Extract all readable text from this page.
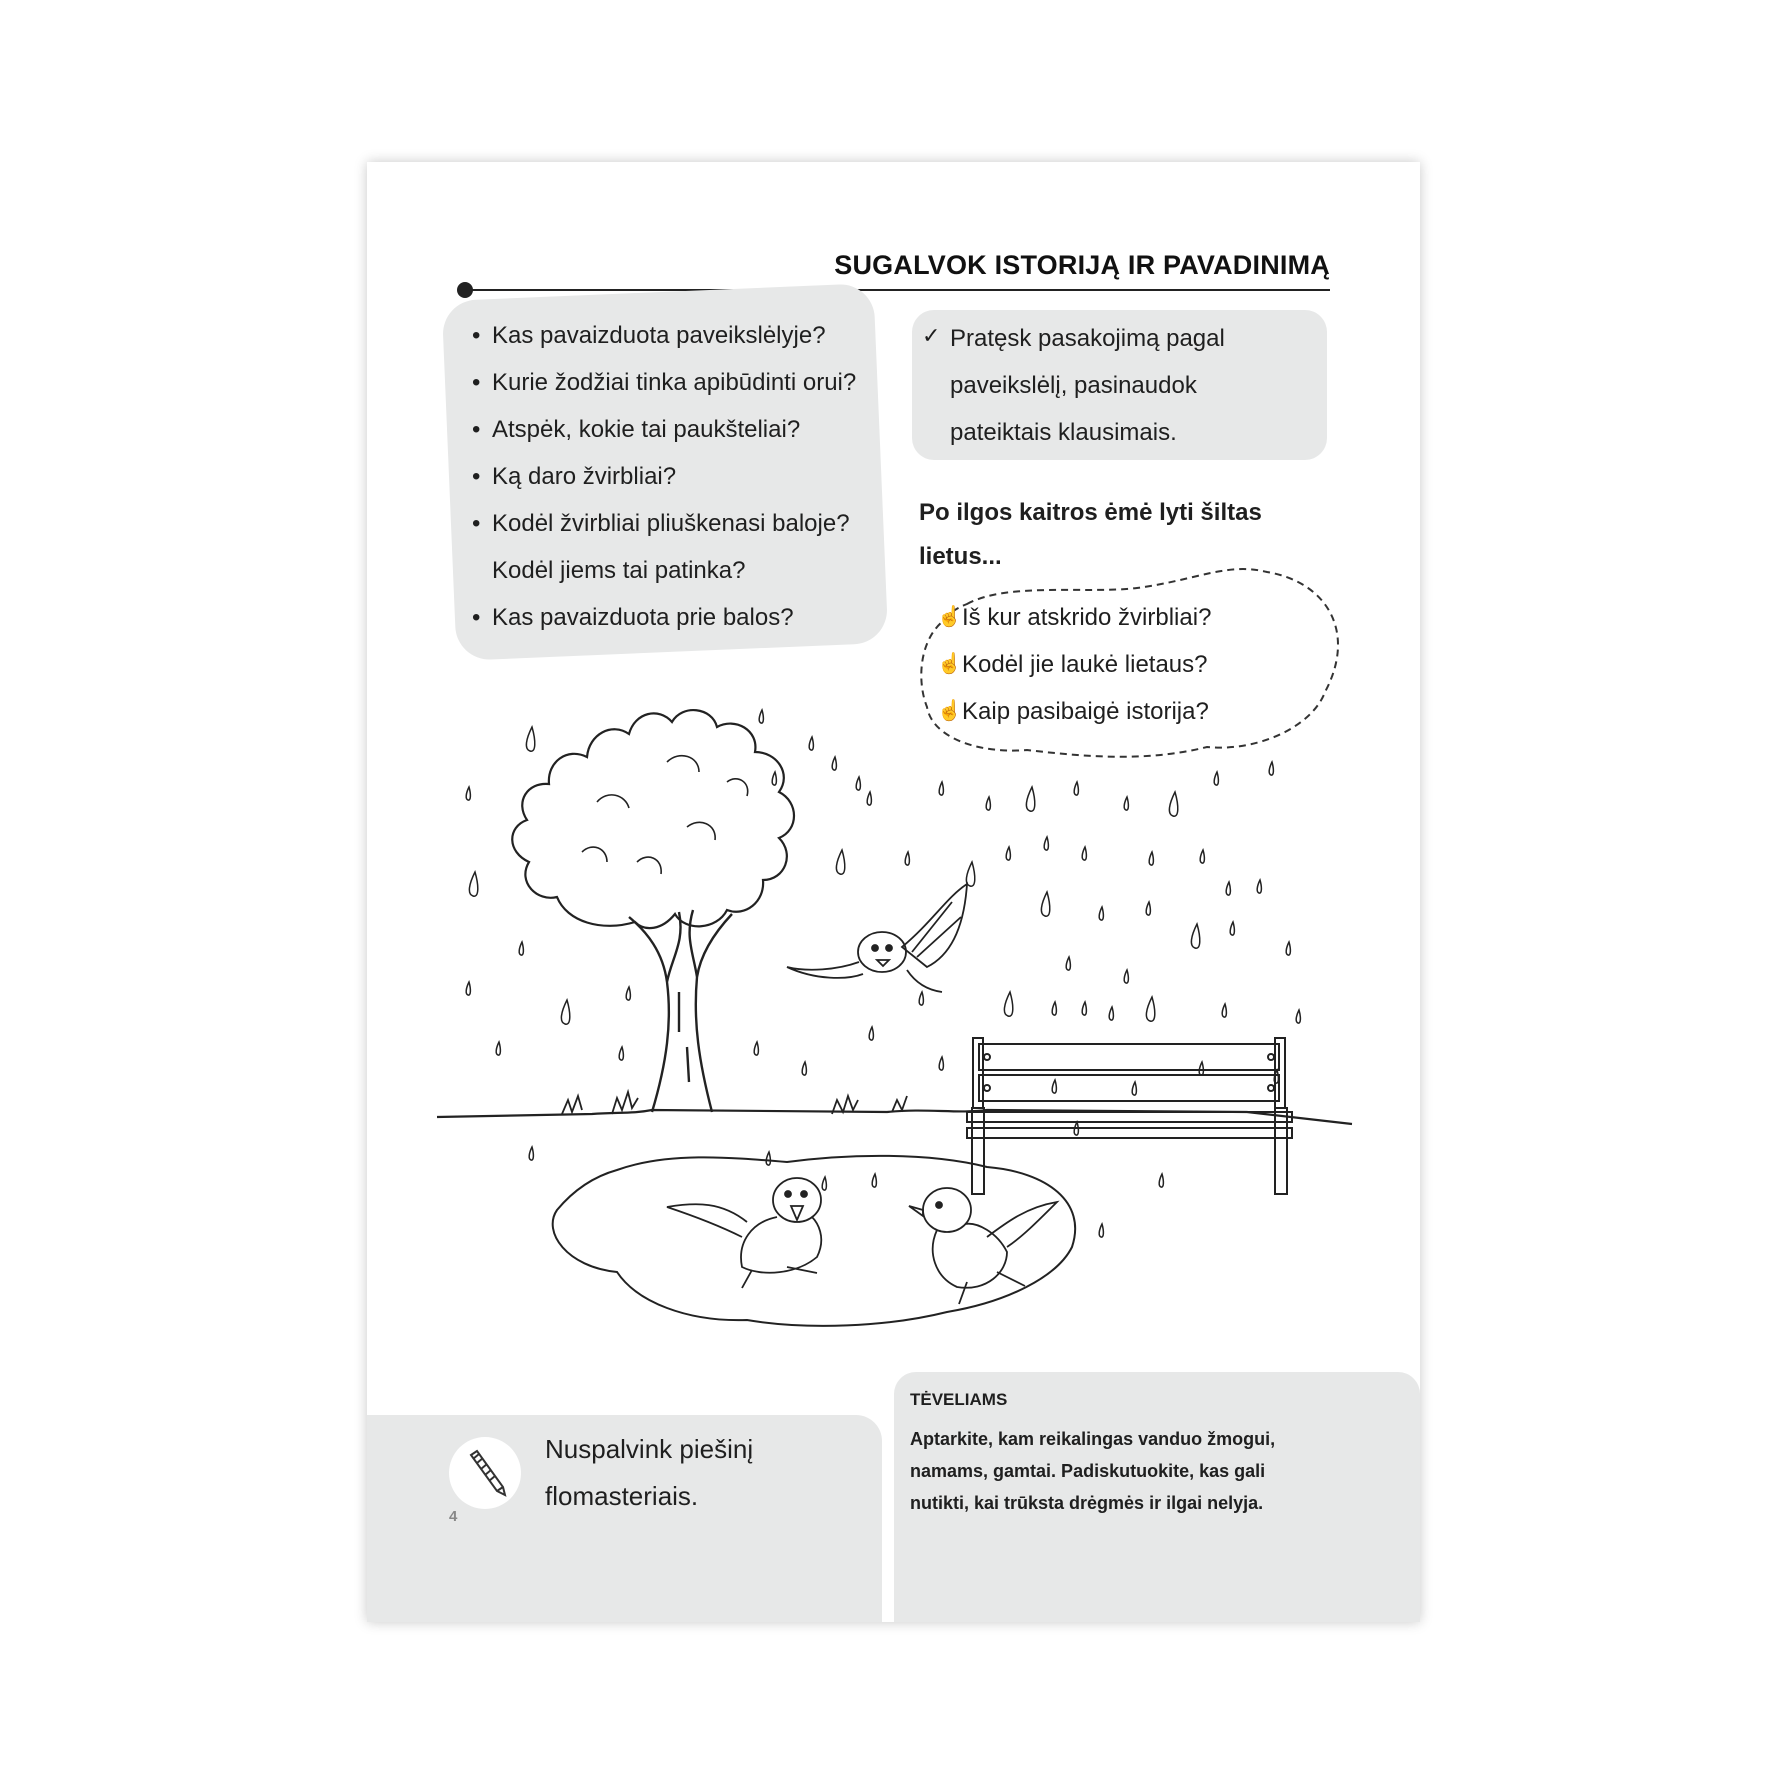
SUGALVOK ISTORIJĄ IR PAVADINIMĄ
• Kas pavaizduota paveikslėlyje?
• Kurie žodžiai tinka apibūdinti orui?
• Atspėk, kokie tai paukšteliai?
• Ką daro žvirbliai?
• Kodėl žvirbliai pliuškenasi baloje?
Kodėl jiems tai patinka?
• Kas pavaizduota prie balos?
✓ Pratęsk pasakojimą pagal
paveikslėlį, pasinaudok
pateiktais klausimais.
Po ilgos kaitros ėmė lyti šiltas
lietus...
☝
☝
☝
Iš kur atskrido žvirbliai?
Kodėl jie laukė lietaus?
Kaip pasibaigė istorija?
Nuspalvink piešinį
flomasteriais.
4
TĖVELIAMS
Aptarkite, kam reikalingas vanduo žmogui,
namams, gamtai. Padiskutuokite, kas gali
nutikti, kai trūksta drėgmės ir ilgai nelyja.
